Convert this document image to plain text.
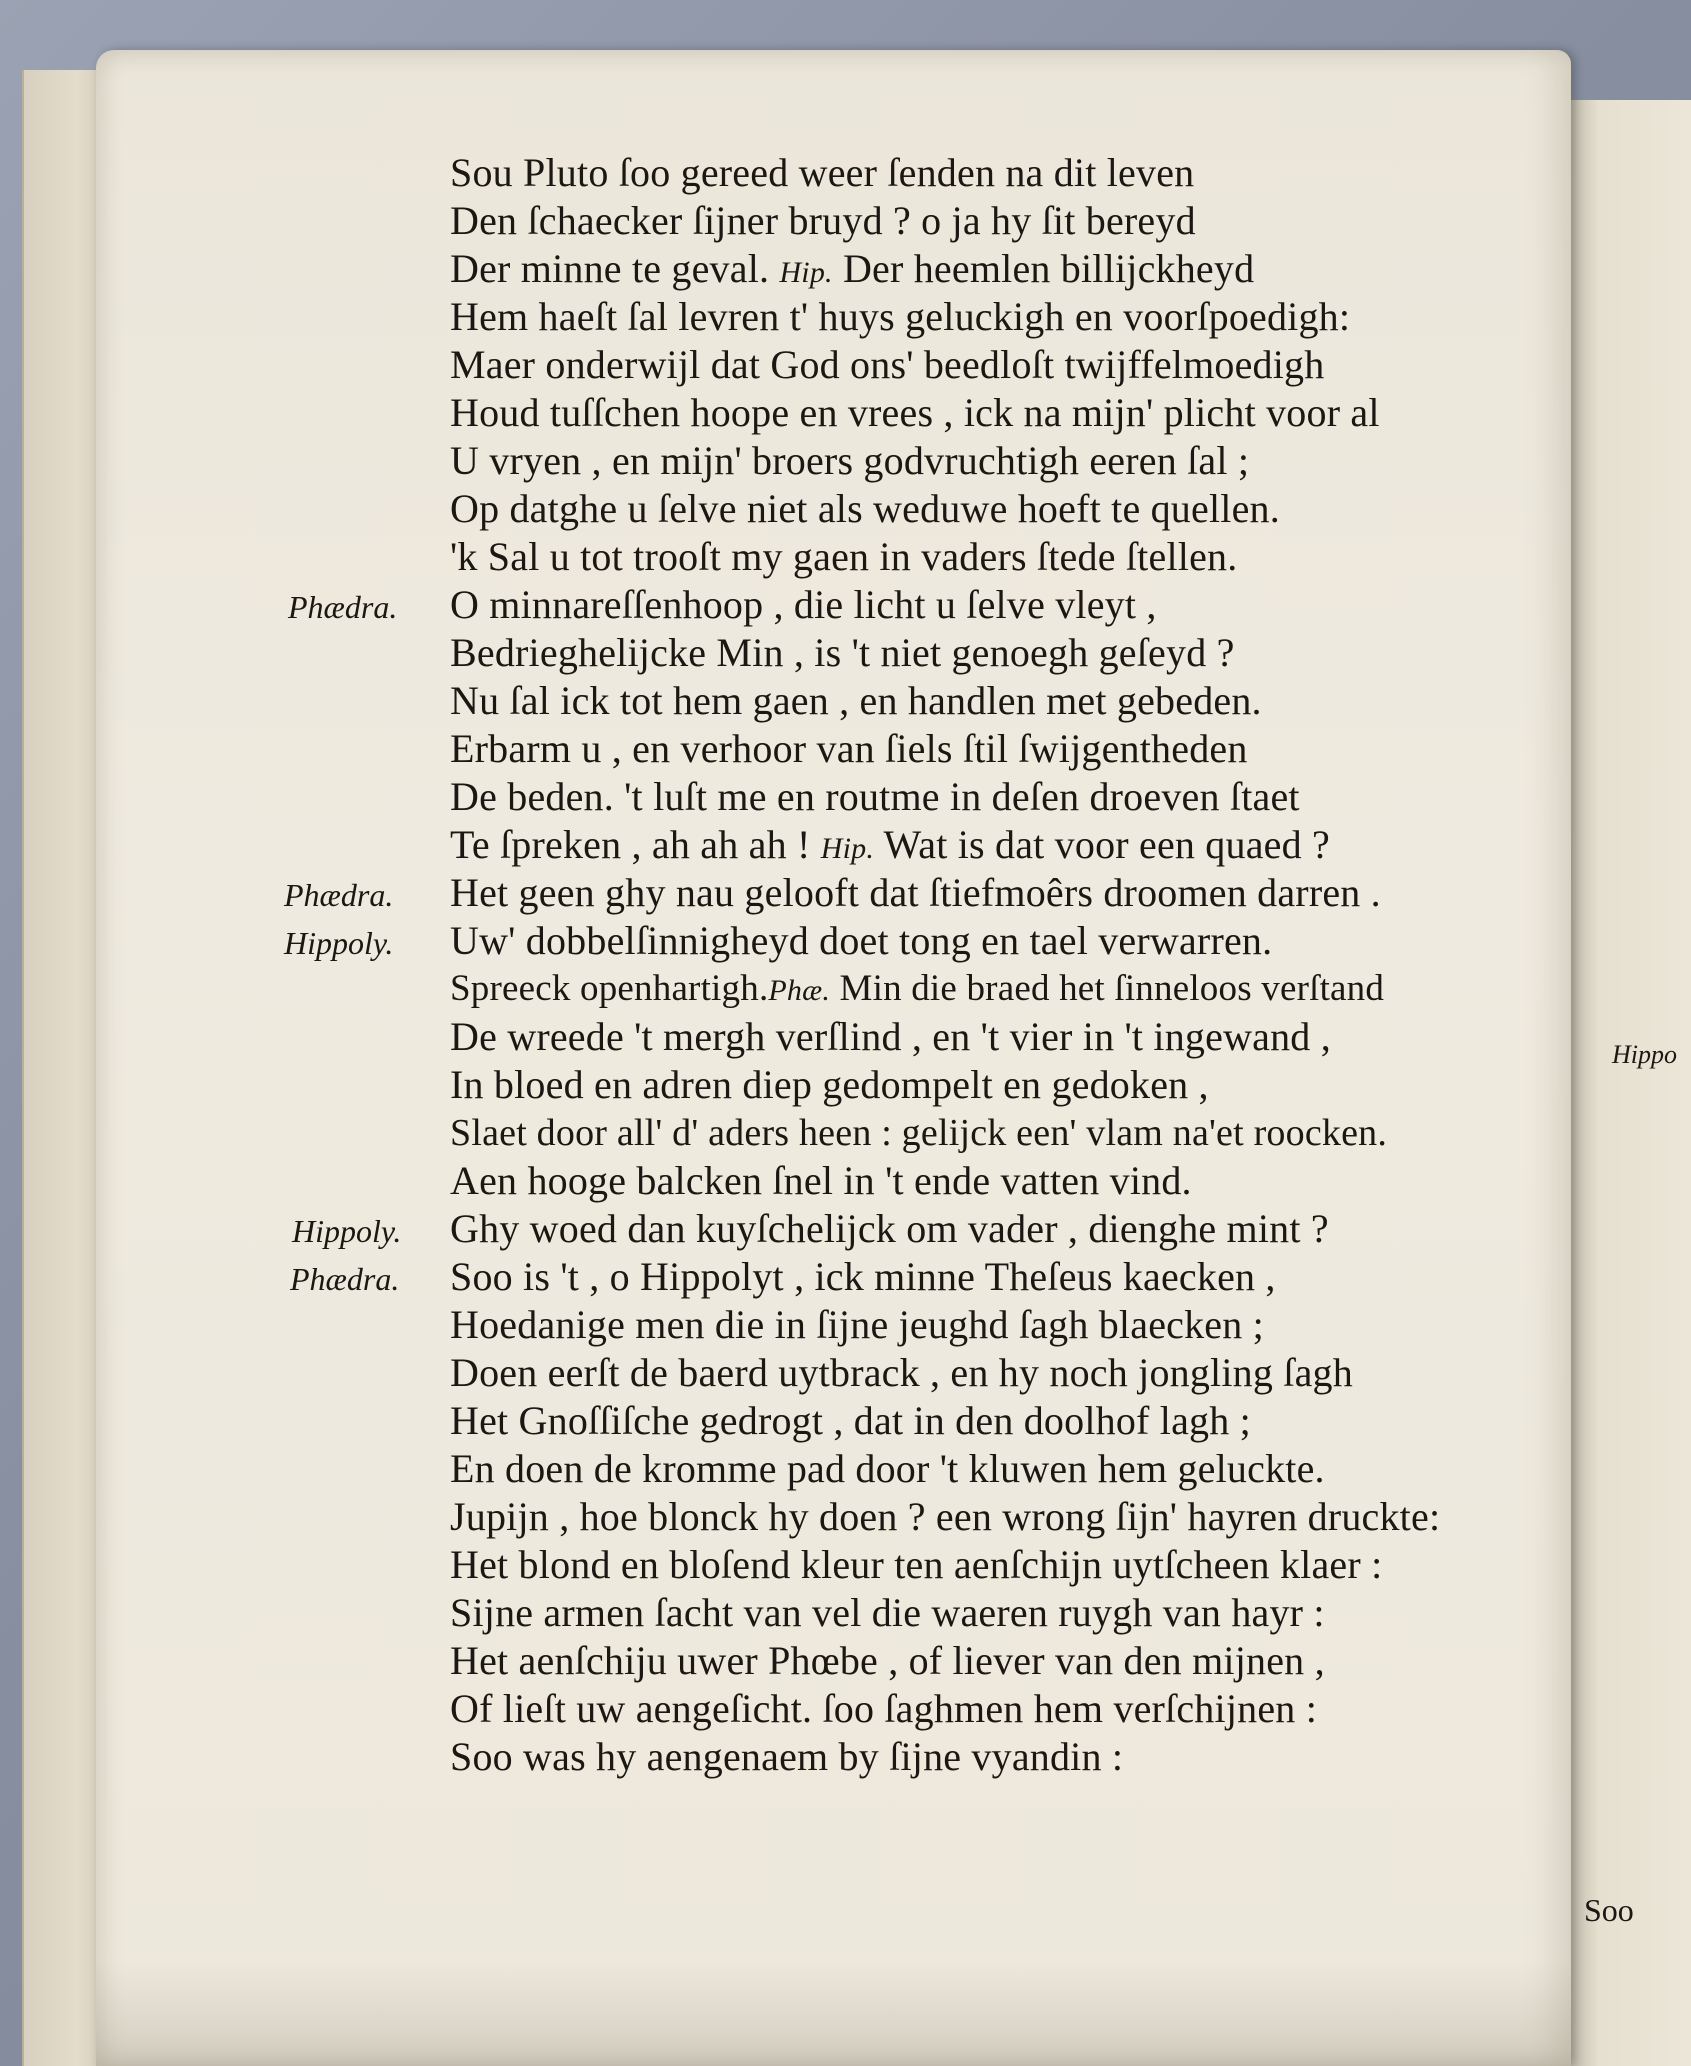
Sou Pluto ſoo gereed weer ſenden na dit leven
Den ſchaecker ſijner bruyd ? o ja hy ſit bereyd
Der minne te geval. Hip. Der heemlen billijckheyd
Hem haeſt ſal levren t' huys geluckigh en voorſpoedigh:
Maer onderwijl dat God ons' beedloſt twijffelmoedigh
Houd tuſſchen hoope en vrees , ick na mijn' plicht voor al
U vryen , en mijn' broers godvruchtigh eeren ſal ;
Op datghe u ſelve niet als weduwe hoeft te quellen.
'k Sal u tot trooſt my gaen in vaders ſtede ſtellen.
O minnareſſenhoop , die licht u ſelve vleyt ,
Bedrieghelijcke Min , is 't niet genoegh geſeyd ?
Nu ſal ick tot hem gaen , en handlen met gebeden.
Erbarm u , en verhoor van ſiels ſtil ſwijgentheden
De beden. 't luſt me en routme in deſen droeven ſtaet
Te ſpreken , ah ah ah ! Hip. Wat is dat voor een quaed ?
Het geen ghy nau gelooft dat ſtiefmoêrs droomen darren .
Uw' dobbelſinnigheyd doet tong en tael verwarren.
Spreeck openhartigh.Phæ. Min die braed het ſinneloos verſtand
De wreede 't mergh verſlind , en 't vier in 't ingewand ,
In bloed en adren diep gedompelt en gedoken ,
Slaet door all' d' aders heen : gelijck een' vlam na'et roocken.
Aen hooge balcken ſnel in 't ende vatten vind.
Ghy woed dan kuyſchelijck om vader , dienghe mint ?
Soo is 't , o Hippolyt , ick minne Theſeus kaecken ,
Hoedanige men die in ſijne jeughd ſagh blaecken ;
Doen eerſt de baerd uytbrack , en hy noch jongling ſagh
Het Gnoſſiſche gedrogt , dat in den doolhof lagh ;
En doen de kromme pad door 't kluwen hem geluckte.
Jupijn , hoe blonck hy doen ? een wrong ſijn' hayren druckte:
Het blond en bloſend kleur ten aenſchijn uytſcheen klaer :
Sijne armen ſacht van vel die waeren ruygh van hayr :
Het aenſchiju uwer Phœbe , of liever van den mijnen ,
Of lieſt uw aengeſicht. ſoo ſaghmen hem verſchijnen :
Soo was hy aengenaem by ſijne vyandin :
Phædra.
Phædra.
Hippoly.
Hippoly.
Phædra.
Hippo
Soo
